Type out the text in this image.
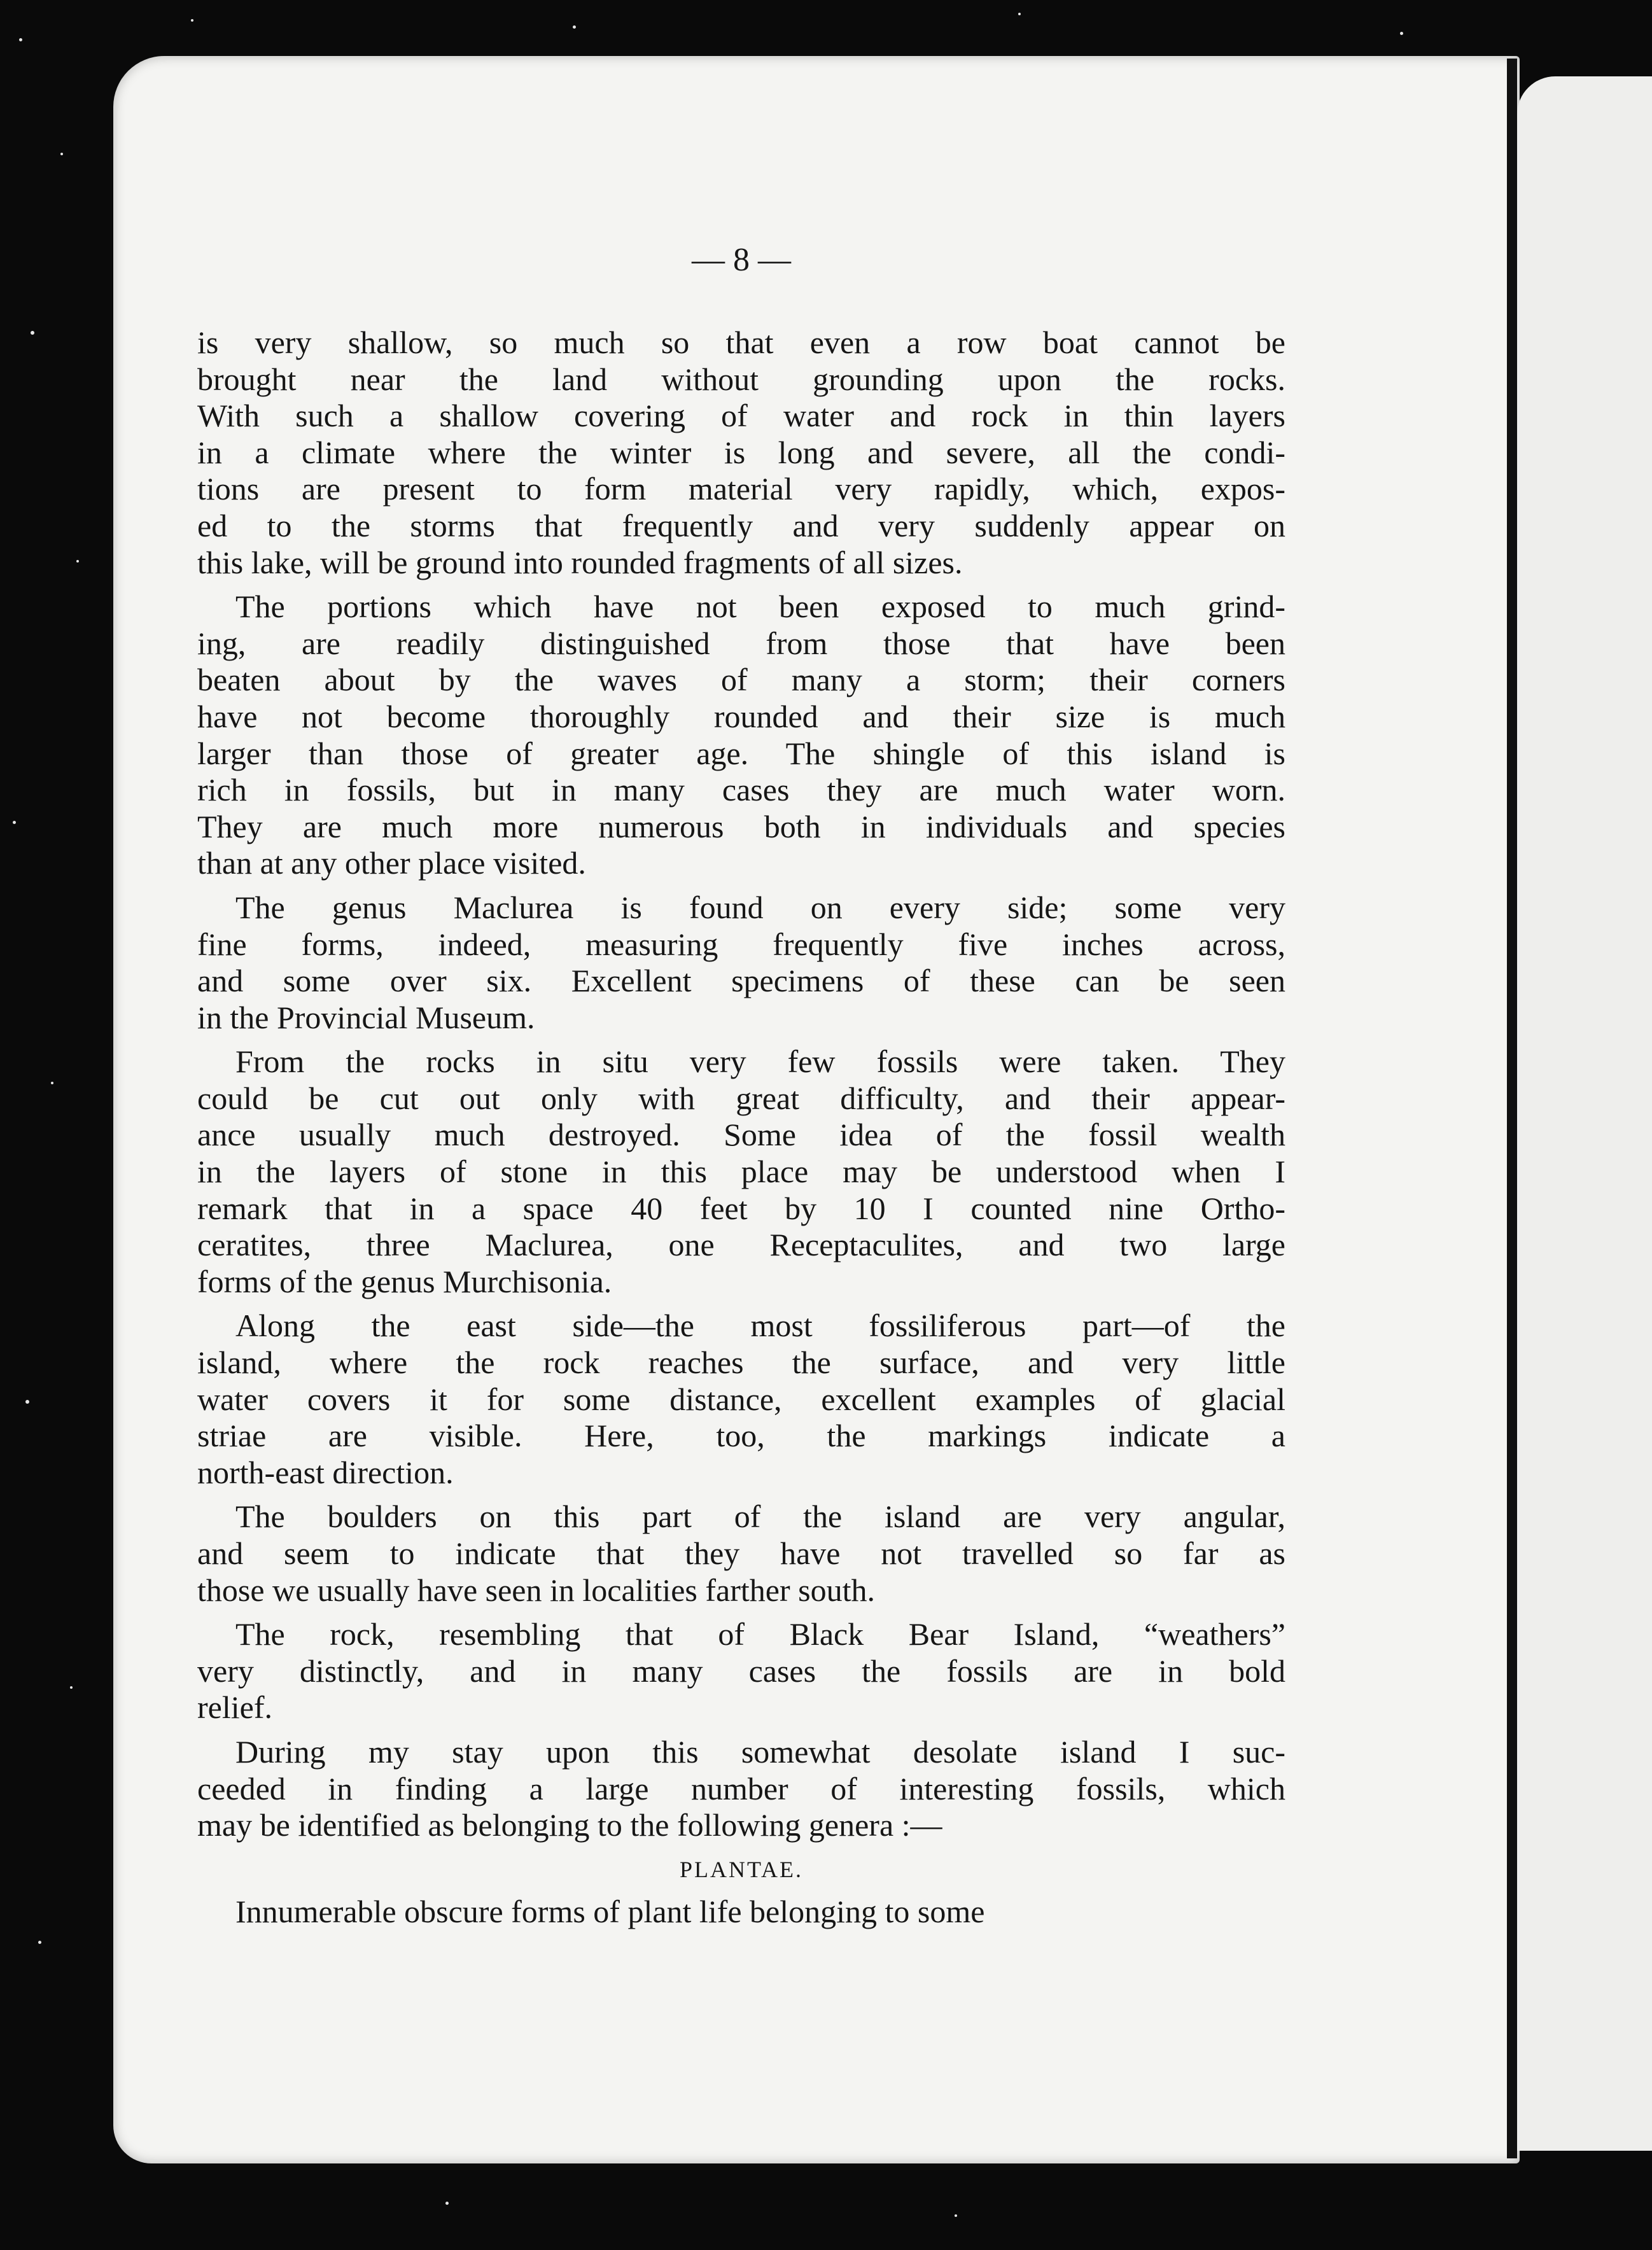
— 8 —

is very shallow, so much so that even a row boat cannot be

brought near the land without grounding upon the rocks.

With such a shallow covering of water and rock in thin layers

in a climate where the winter is long and severe, all the condi-

tions are present to form material very rapidly, which, expos-

ed to the storms that frequently and very suddenly appear on

this lake, will be ground into rounded fragments of all sizes.

The portions which have not been exposed to much grind-

ing, are readily distinguished from those that have been

beaten about by the waves of many a storm; their corners

have not become thoroughly rounded and their size is much

larger than those of greater age. The shingle of this island is

rich in fossils, but in many cases they are much water worn.

They are much more numerous both in individuals and species

than at any other place visited.

The genus Maclurea is found on every side; some very

fine forms, indeed, measuring frequently five inches across,

and some over six. Excellent specimens of these can be seen

in the Provincial Museum.

From the rocks in situ very few fossils were taken. They

could be cut out only with great difficulty, and their appear-

ance usually much destroyed. Some idea of the fossil wealth

in the layers of stone in this place may be understood when I

remark that in a space 40 feet by 10 I counted nine Ortho-

ceratites, three Maclurea, one Receptaculites, and two large

forms of the genus Murchisonia.

Along the east side—the most fossiliferous part—of the

island, where the rock reaches the surface, and very little

water covers it for some distance, excellent examples of glacial

striae are visible. Here, too, the markings indicate a

north-east direction.

The boulders on this part of the island are very angular,

and seem to indicate that they have not travelled so far as

those we usually have seen in localities farther south.

The rock, resembling that of Black Bear Island, “weathers”

very distinctly, and in many cases the fossils are in bold

relief.

During my stay upon this somewhat desolate island I suc-

ceeded in finding a large number of interesting fossils, which

may be identified as belonging to the following genera :—

PLANTAE.

Innumerable obscure forms of plant life belonging to some
